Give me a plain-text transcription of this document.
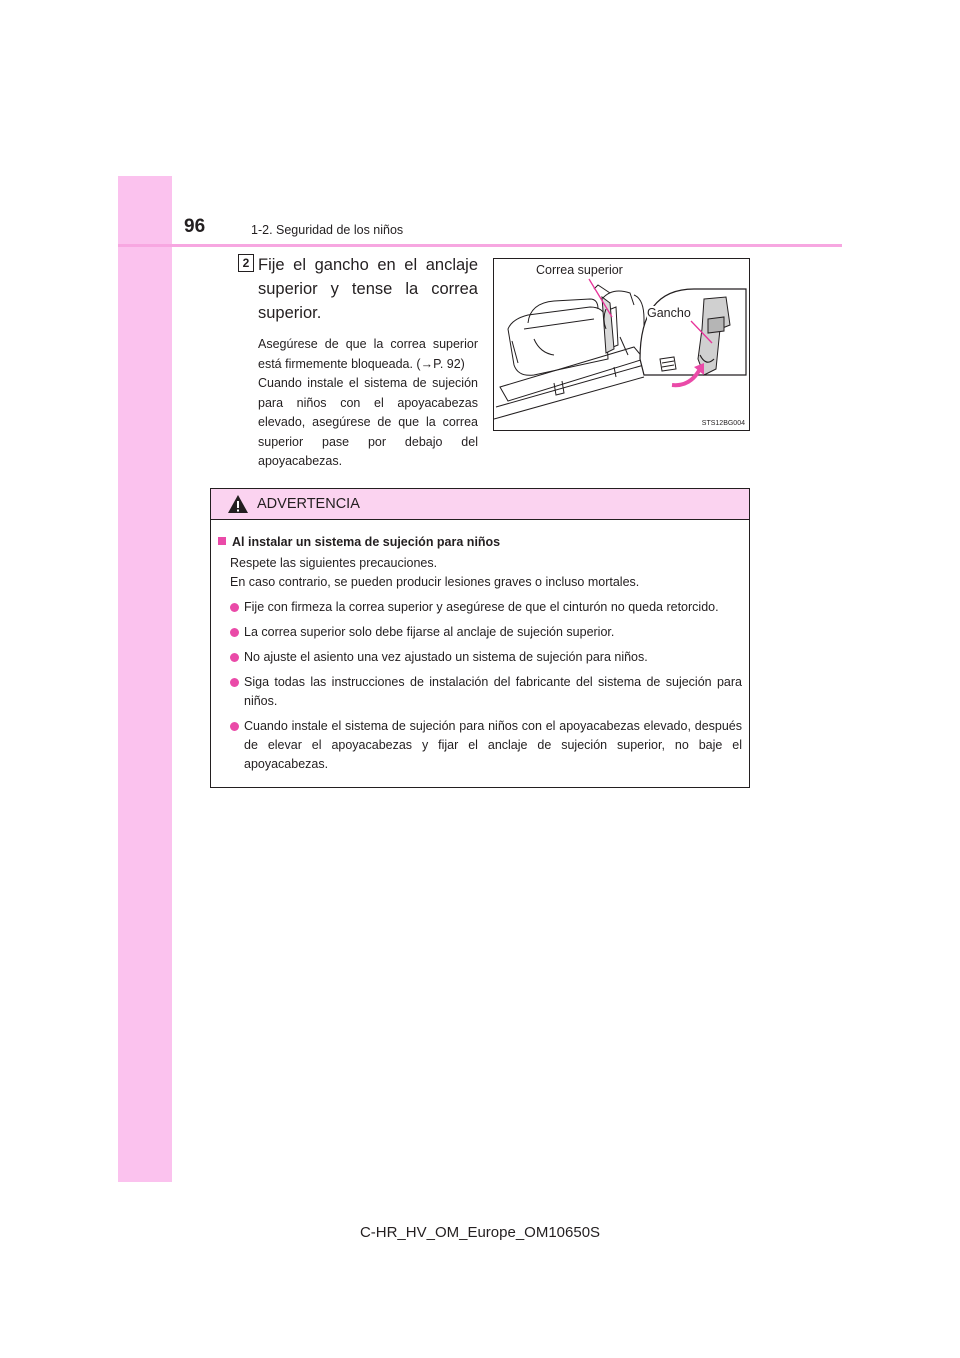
96	1-2. Seguridad de los niños
2 Fije el gancho en el anclaje superior y tense la correa superior.

Asegúrese de que la correa superior está firmemente bloqueada. (→P. 92)

Cuando instale el sistema de sujeción para niños con el apoyacabezas elevado, asegúrese de que la correa superior pase por debajo del apoyacabezas.

Correa superior
Gancho
STS12BG004
ADVERTENCIA

Al instalar un sistema de sujeción para niños

Respete las siguientes precauciones.
En caso contrario, se pueden producir lesiones graves o incluso mortales.
Fije con firmeza la correa superior y asegúrese de que el cinturón no queda retorcido.
La correa superior solo debe fijarse al anclaje de sujeción superior.
No ajuste el asiento una vez ajustado un sistema de sujeción para niños.
Siga todas las instrucciones de instalación del fabricante del sistema de sujeción para niños.
Cuando instale el sistema de sujeción para niños con el apoyacabezas elevado, después de elevar el apoyacabezas y fijar el anclaje de sujeción superior, no baje el apoyacabezas.
C-HR_HV_OM_Europe_OM10650S
